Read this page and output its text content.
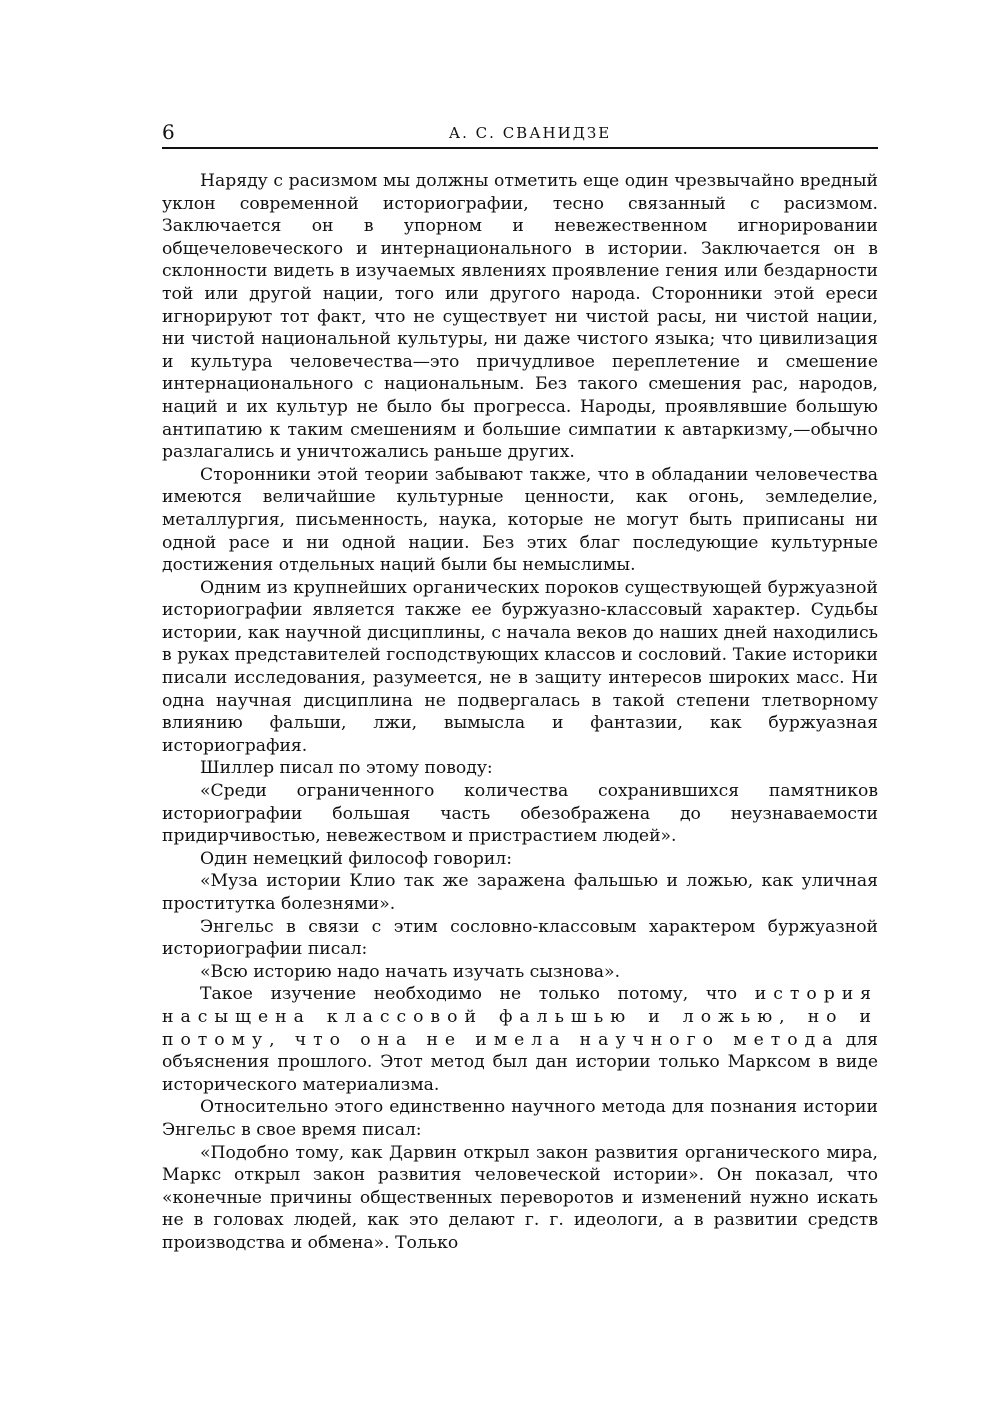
6	А. С. СВАНИДЗЕ

Наряду с расизмом мы должны отметить еще один чрезвычайно вредный уклон современной историографии, тесно связанный с расизмом. Заключается он в упорном и невежественном игнорировании общечеловеческого и интернационального в истории. Заключается он в склонности видеть в изучаемых явлениях проявление гения или бездарности той или другой нации, того или другого народа. Сторонники этой ереси игнорируют тот факт, что не существует ни чистой расы, ни чистой нации, ни чистой национальной культуры, ни даже чистого языка; что цивилизация и культура человечества—это причудливое переплетение и смешение интернационального с национальным. Без такого смешения рас, народов, наций и их культур не было бы прогресса. Народы, проявлявшие большую антипатию к таким смешениям и большие симпатии к автаркизму,—обычно разлагались и уничтожались раньше других.

Сторонники этой теории забывают также, что в обладании человечества имеются величайшие культурные ценности, как огонь, земледелие, металлургия, письменность, наука, которые не могут быть приписаны ни одной расе и ни одной нации. Без этих благ последующие культурные достижения отдельных наций были бы немыслимы.

Одним из крупнейших органических пороков существующей буржуазной историографии является также ее буржуазно-классовый характер. Судьбы истории, как научной дисциплины, с начала веков до наших дней находились в руках представителей господствующих классов и сословий. Такие историки писали исследования, разумеется, не в защиту интересов широких масс. Ни одна научная дисциплина не подвергалась в такой степени тлетворному влиянию фальши, лжи, вымысла и фантазии, как буржуазная историография.

Шиллер писал по этому поводу:

«Среди ограниченного количества сохранившихся памятников историографии большая часть обезображена до неузнаваемости придирчивостью, невежеством и пристрастием людей».

Один немецкий философ говорил:

«Муза истории Клио так же заражена фальшью и ложью, как уличная проститутка болезнями».

Энгельс в связи с этим сословно-классовым характером буржуазной историографии писал:

«Всю историю надо начать изучать сызнова».

Такое изучение необходимо не только потому, что история насыщена классовой фальшью и ложью, но и потому, что она не имела научного метода для объяснения прошлого. Этот метод был дан истории только Марксом в виде исторического материализма.

Относительно этого единственно научного метода для познания истории Энгельс в свое время писал:

«Подобно тому, как Дарвин открыл закон развития органического мира, Маркс открыл закон развития человеческой истории». Он показал, что «конечные причины общественных переворотов и изменений нужно искать не в головах людей, как это делают г. г. идеологи, а в развитии средств производства и обмена». Только
